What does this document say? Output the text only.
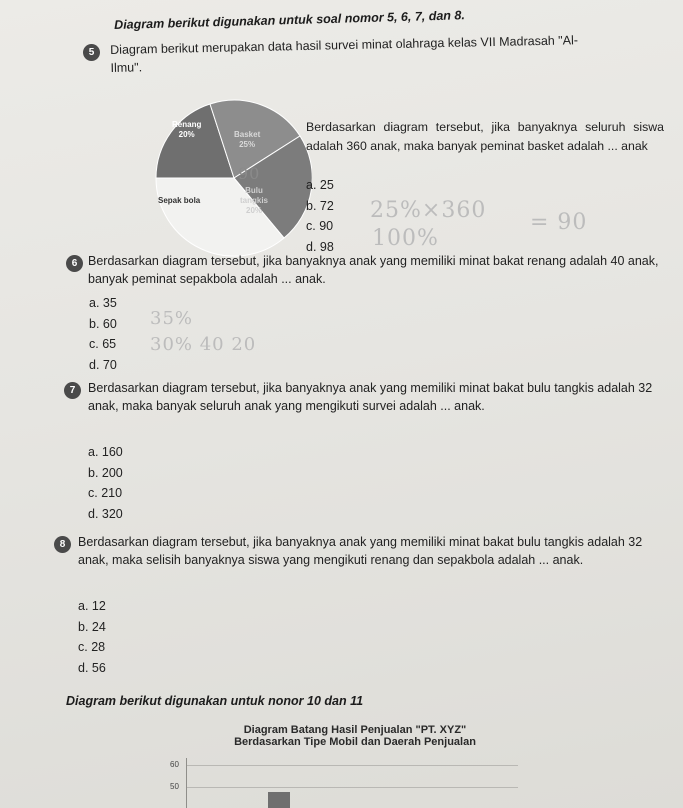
Diagram berikut digunakan untuk soal nomor 5, 6, 7, dan 8.
5	Diagram berikut merupakan data hasil survei minat olahraga kelas VII Madrasah "Al-
Ilmu".
Renang
20%	Basket
25%
90
Bulu
tangkis
20%
Sepak bola
Berdasarkan diagram tersebut, jika banyaknya seluruh siswa adalah 360 anak, maka banyak peminat basket adalah ... anak
a. 25
b. 72
c. 90
d. 98
25%×360 = 90
100%
6 Berdasarkan diagram tersebut, jika banyaknya anak yang memiliki minat bakat renang adalah 40 anak, banyak peminat sepakbola adalah ... anak.
a. 35
b. 60
c. 65
d. 70
35%
30% 40 20
7	Berdasarkan diagram tersebut, jika banyaknya anak yang memiliki minat bakat bulu tangkis adalah 32 anak, maka banyak seluruh anak yang mengikuti survei adalah ... anak.
a. 160
b. 200
c. 210
d. 320
8	Berdasarkan diagram tersebut, jika banyaknya anak yang memiliki minat bakat bulu tangkis adalah 32 anak, maka selisih banyaknya siswa yang mengikuti renang dan sepakbola adalah ... anak.
a. 12
b. 24
c. 28
d. 56
Diagram berikut digunakan untuk nonor 10 dan 11
Diagram Batang Hasil Penjualan "PT. XYZ"
Berdasarkan Tipe Mobil dan Daerah Penjualan
60
50
